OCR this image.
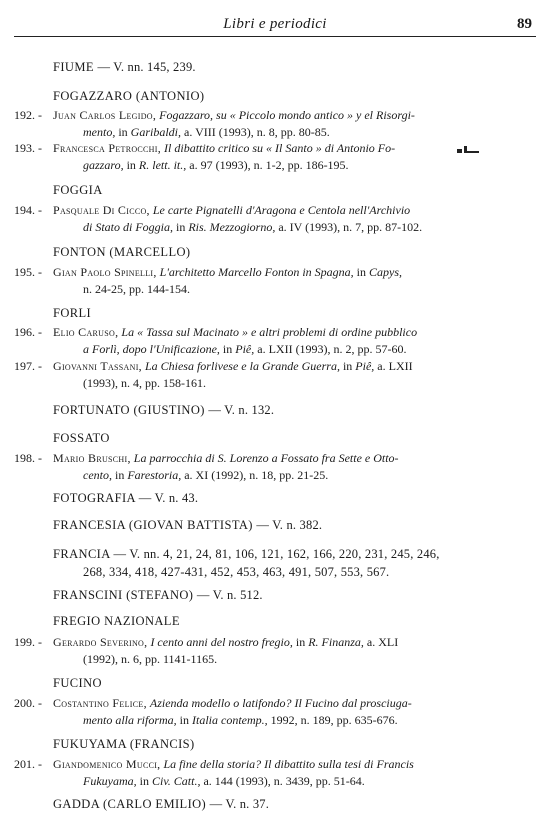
Libri e periodici	89
FIUME — V. nn. 145, 239.
FOGAZZARO (ANTONIO)
192. - Juan Carlos Legido, Fogazzaro, su « Piccolo mondo antico » y el Risorgi-
mento, in Garibaldi, a. VIII (1993), n. 8, pp. 80-85.
193. - Francesca Petrocchi, Il dibattito critico su « Il Santo » di Antonio Fo-
gazzaro, in R. lett. it., a. 97 (1993), n. 1-2, pp. 186-195.
FOGGIA
194. - Pasquale Di Cicco, Le carte Pignatelli d'Aragona e Centola nell'Archivio
di Stato di Foggia, in Ris. Mezzogiorno, a. IV (1993), n. 7, pp. 87-102.
FONTON (MARCELLO)
195. - Gian Paolo Spinelli, L'architetto Marcello Fonton in Spagna, in Capys,
n. 24-25, pp. 144-154.
FORLI
196. - Elio Caruso, La « Tassa sul Macinato » e altri problemi di ordine pubblico
a Forlì, dopo l'Unificazione, in Piê, a. LXII (1993), n. 2, pp. 57-60.
197. - Giovanni Tassani, La Chiesa forlivese e la Grande Guerra, in Piê, a. LXII
(1993), n. 4, pp. 158-161.
FORTUNATO (GIUSTINO) — V. n. 132.
FOSSATO
198. - Mario Bruschi, La parrocchia di S. Lorenzo a Fossato fra Sette e Otto-
cento, in Farestoria, a. XI (1992), n. 18, pp. 21-25.
FOTOGRAFIA — V. n. 43.
FRANCESIA (GIOVAN BATTISTA) — V. n. 382.
FRANCIA — V. nn. 4, 21, 24, 81, 106, 121, 162, 166, 220, 231, 245, 246,
268, 334, 418, 427-431, 452, 453, 463, 491, 507, 553, 567.
FRANSCINI (STEFANO) — V. n. 512.
FREGIO NAZIONALE
199. - Gerardo Severino, I cento anni del nostro fregio, in R. Finanza, a. XLI
(1992), n. 6, pp. 1141-1165.
FUCINO
200. - Costantino Felice, Azienda modello o latifondo? Il Fucino dal prosciuga-
mento alla riforma, in Italia contemp., 1992, n. 189, pp. 635-676.
FUKUYAMA (FRANCIS)
201. - Giandomenico Mucci, La fine della storia? Il dibattito sulla tesi di Francis
Fukuyama, in Civ. Catt., a. 144 (1993), n. 3439, pp. 51-64.
GADDA (CARLO EMILIO) — V. n. 37.
